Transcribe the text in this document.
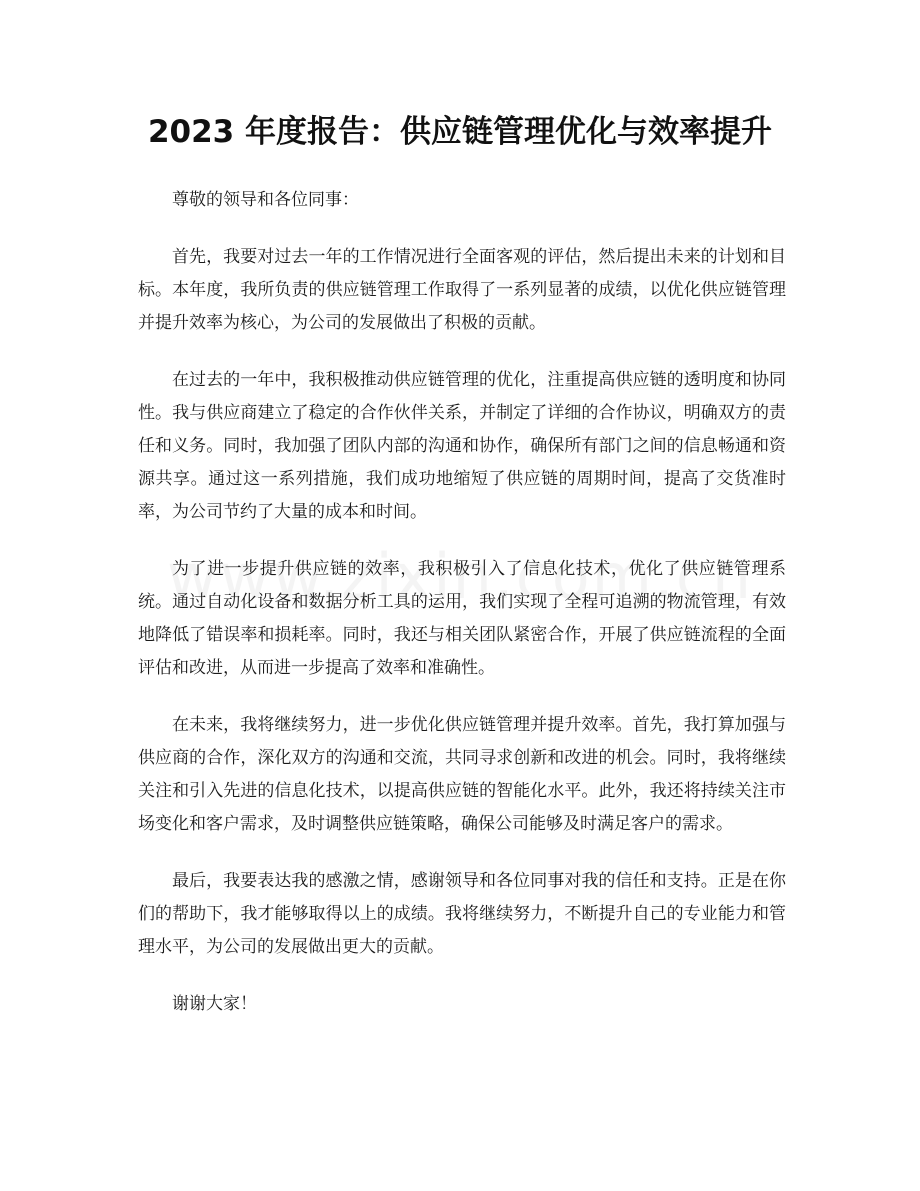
2023 年度报告：供应链管理优化与效率提升

尊敬的领导和各位同事：

首先，我要对过去一年的工作情况进行全面客观的评估，然后提出未来的计划和目标。本年度，我所负责的供应链管理工作取得了一系列显著的成绩，以优化供应链管理并提升效率为核心，为公司的发展做出了积极的贡献。

在过去的一年中，我积极推动供应链管理的优化，注重提高供应链的透明度和协同性。我与供应商建立了稳定的合作伙伴关系，并制定了详细的合作协议，明确双方的责任和义务。同时，我加强了团队内部的沟通和协作，确保所有部门之间的信息畅通和资源共享。通过这一系列措施，我们成功地缩短了供应链的周期时间，提高了交货准时率，为公司节约了大量的成本和时间。

为了进一步提升供应链的效率，我积极引入了信息化技术，优化了供应链管理系统。通过自动化设备和数据分析工具的运用，我们实现了全程可追溯的物流管理，有效地降低了错误率和损耗率。同时，我还与相关团队紧密合作，开展了供应链流程的全面评估和改进，从而进一步提高了效率和准确性。

在未来，我将继续努力，进一步优化供应链管理并提升效率。首先，我打算加强与供应商的合作，深化双方的沟通和交流，共同寻求创新和改进的机会。同时，我将继续关注和引入先进的信息化技术，以提高供应链的智能化水平。此外，我还将持续关注市场变化和客户需求，及时调整供应链策略，确保公司能够及时满足客户的需求。

最后，我要表达我的感激之情，感谢领导和各位同事对我的信任和支持。正是在你们的帮助下，我才能够取得以上的成绩。我将继续努力，不断提升自己的专业能力和管理水平，为公司的发展做出更大的贡献。

谢谢大家！
